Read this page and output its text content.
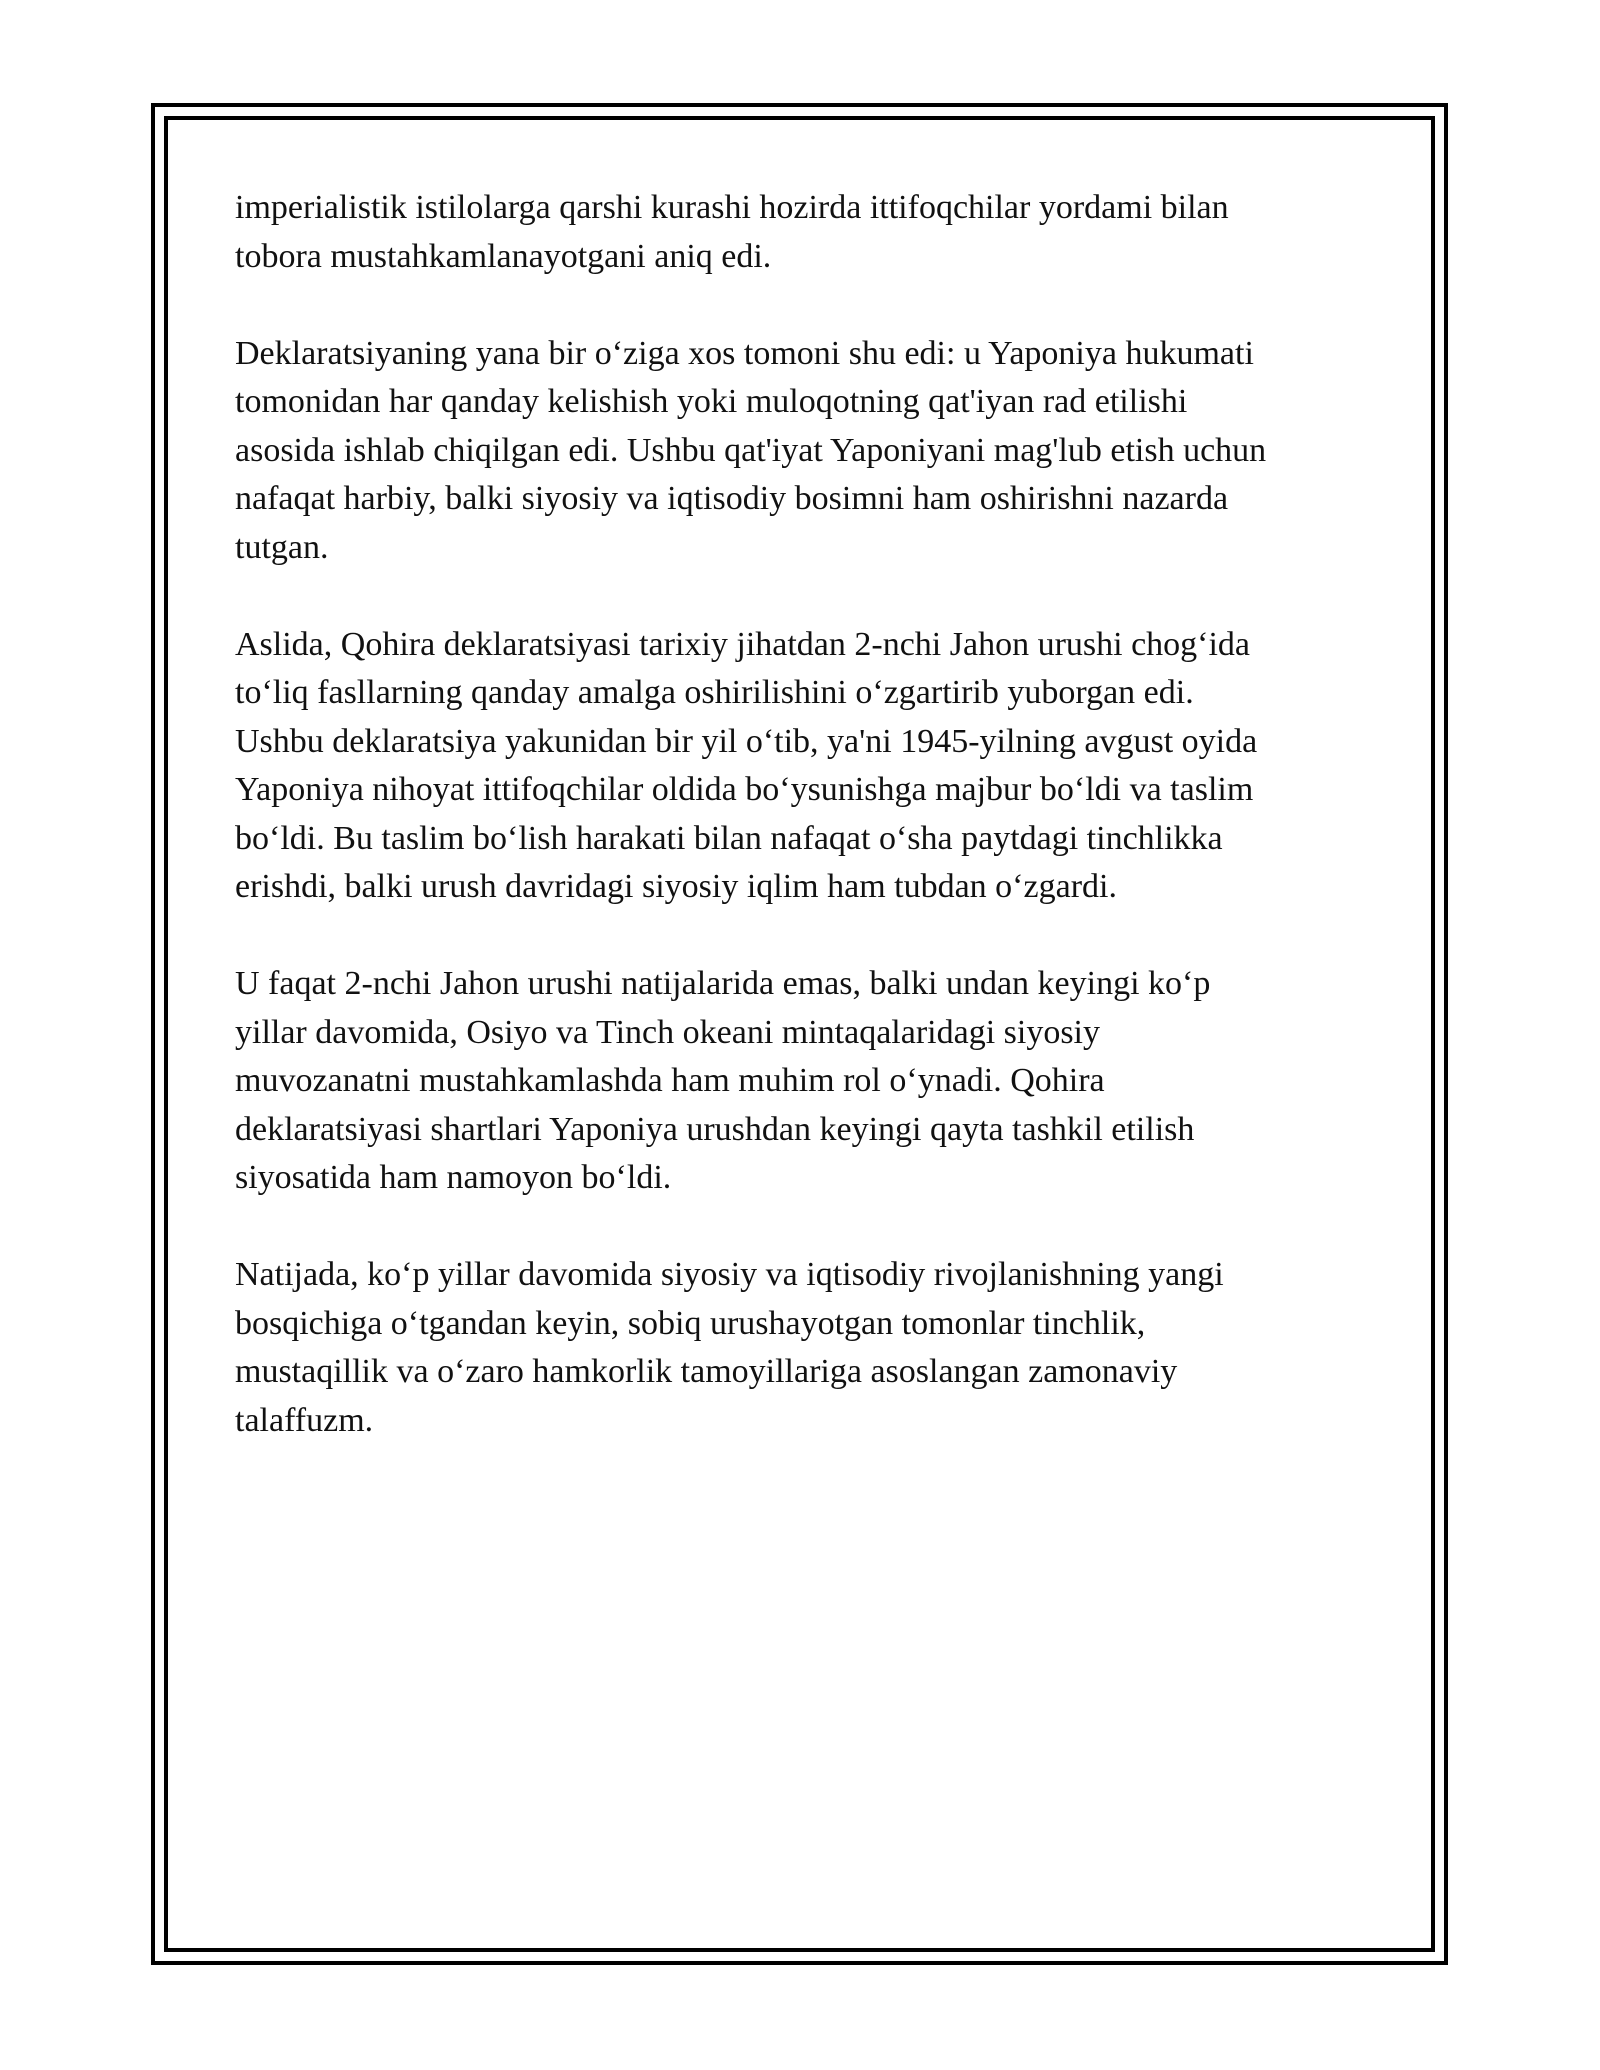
imperialistik istilolarga qarshi kurashi hozirda ittifoqchilar yordami bilan
tobora mustahkamlanayotgani aniq edi.

Deklaratsiyaning yana bir o‘ziga xos tomoni shu edi: u Yaponiya hukumati
tomonidan har qanday kelishish yoki muloqotning qat'iyan rad etilishi
asosida ishlab chiqilgan edi. Ushbu qat'iyat Yaponiyani mag'lub etish uchun
nafaqat harbiy, balki siyosiy va iqtisodiy bosimni ham oshirishni nazarda
tutgan.

Aslida, Qohira deklaratsiyasi tarixiy jihatdan 2-nchi Jahon urushi chog‘ida
to‘liq fasllarning qanday amalga oshirilishini o‘zgartirib yuborgan edi.
Ushbu deklaratsiya yakunidan bir yil o‘tib, ya'ni 1945-yilning avgust oyida
Yaponiya nihoyat ittifoqchilar oldida bo‘ysunishga majbur bo‘ldi va taslim
bo‘ldi. Bu taslim bo‘lish harakati bilan nafaqat o‘sha paytdagi tinchlikka
erishdi, balki urush davridagi siyosiy iqlim ham tubdan o‘zgardi.

U faqat 2-nchi Jahon urushi natijalarida emas, balki undan keyingi ko‘p
yillar davomida, Osiyo va Tinch okeani mintaqalaridagi siyosiy
muvozanatni mustahkamlashda ham muhim rol o‘ynadi. Qohira
deklaratsiyasi shartlari Yaponiya urushdan keyingi qayta tashkil etilish
siyosatida ham namoyon bo‘ldi.

Natijada, ko‘p yillar davomida siyosiy va iqtisodiy rivojlanishning yangi
bosqichiga o‘tgandan keyin, sobiq urushayotgan tomonlar tinchlik,
mustaqillik va o‘zaro hamkorlik tamoyillariga asoslangan zamonaviy
talaffuzm.
